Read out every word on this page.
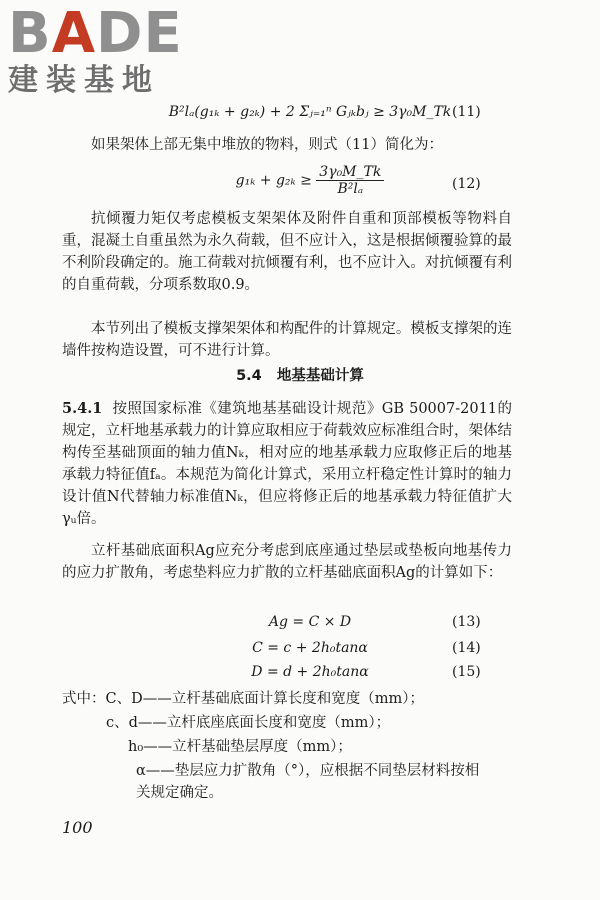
BADE
建装基地
B²lₐ(g₁ₖ + g₂ₖ) + 2 Σⱼ₌₁ⁿ Gⱼₖbⱼ ≥ 3γ₀M_Tk (11)
如果架体上部无集中堆放的物料，则式（11）简化为：
$g_{1k} + g_{2k} \ge \frac{\text{3γ₀M\_Tk}}{\text{B²lₐ}}$	(12)
抗倾覆力矩仅考虑模板支架架体及附件自重和顶部模板等物料自重，混凝土自重虽然为永久荷载，但不应计入，这是根据倾覆验算的最不利阶段确定的。施工荷载对抗倾覆有利，也不应计入。对抗倾覆有利的自重荷载，分项系数取0.9。
本节列出了模板支撑架架体和构配件的计算规定。模板支撑架的连墙件按构造设置，可不进行计算。
5.4 地基基础计算
5.4.1 按照国家标准《建筑地基基础设计规范》GB 50007-2011的规定，立杆地基承载力的计算应取相应于荷载效应标准组合时，架体结构传至基础顶面的轴力值Nₖ，相对应的地基承载力应取修正后的地基承载力特征值fₐ。本规范为简化计算式，采用立杆稳定性计算时的轴力设计值N代替轴力标准值Nₖ，但应将修正后的地基承载力特征值扩大γᵤ倍。
立杆基础底面积Ag应充分考虑到底座通过垫层或垫板向地基传力的应力扩散角，考虑垫料应力扩散的立杆基础底面积Ag的计算如下：
Ag = C × D	(13)
C = c + 2h₀tanα	(14)
D = d + 2h₀tanα	(15)
式中：C、D——立杆基础底面计算长度和宽度（mm）；
c、d——立杆底座底面长度和宽度（mm）；
h₀——立杆基础垫层厚度（mm）；
α——垫层应力扩散角（°），应根据不同垫层材料按相关规定确定。
100
